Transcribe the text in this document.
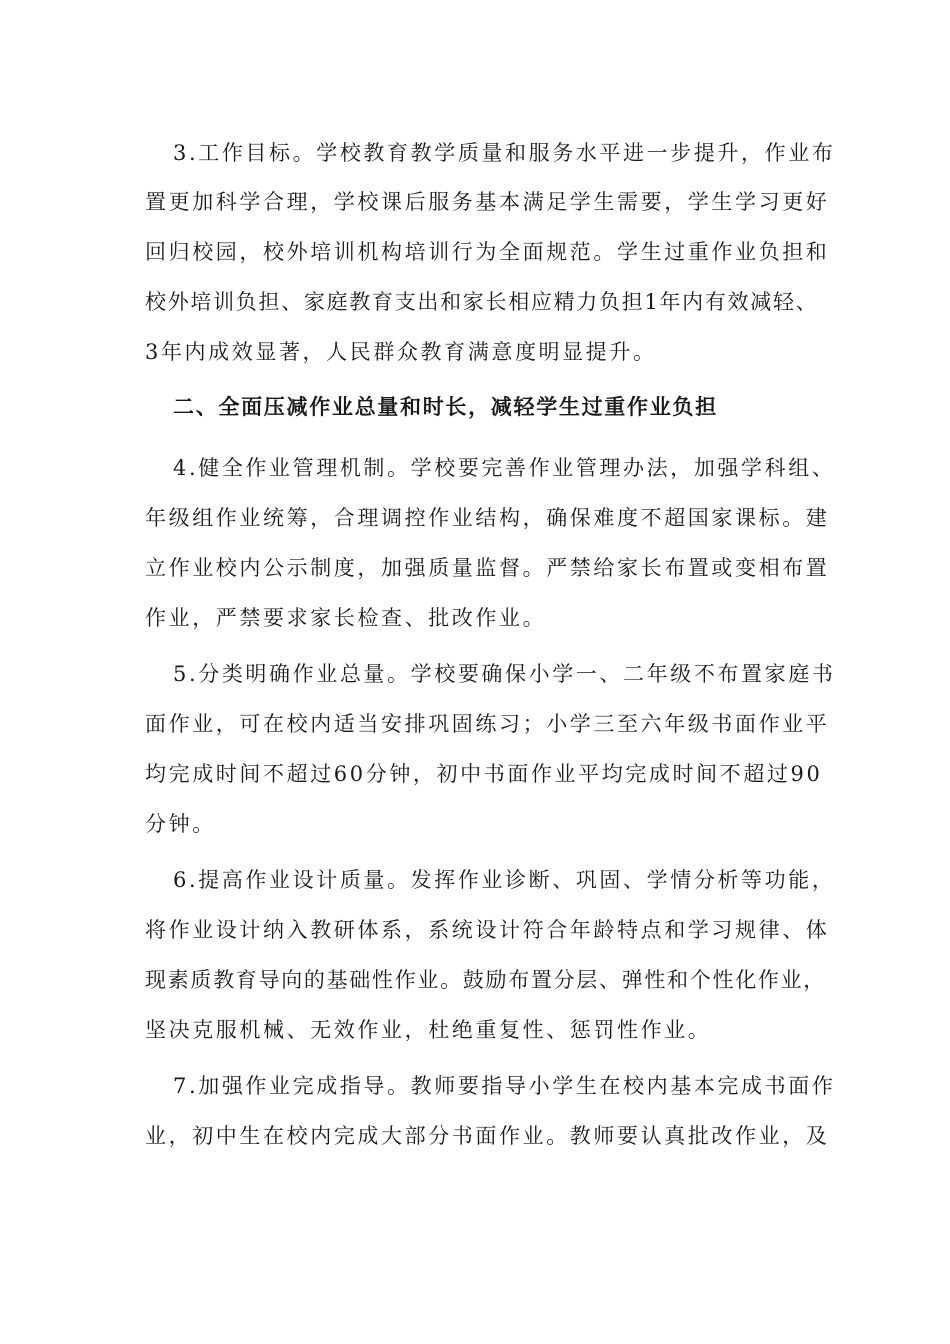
3.工作目标。学校教育教学质量和服务水平进一步提升，作业布
置更加科学合理，学校课后服务基本满足学生需要，学生学习更好
回归校园，校外培训机构培训行为全面规范。学生过重作业负担和
校外培训负担、家庭教育支出和家长相应精力负担1年内有效减轻、
3年内成效显著，人民群众教育满意度明显提升。
二、全面压减作业总量和时长，减轻学生过重作业负担
4.健全作业管理机制。学校要完善作业管理办法，加强学科组、
年级组作业统筹，合理调控作业结构，确保难度不超国家课标。建
立作业校内公示制度，加强质量监督。严禁给家长布置或变相布置
作业，严禁要求家长检查、批改作业。
5.分类明确作业总量。学校要确保小学一、二年级不布置家庭书
面作业，可在校内适当安排巩固练习；小学三至六年级书面作业平
均完成时间不超过60分钟，初中书面作业平均完成时间不超过90
分钟。
6.提高作业设计质量。发挥作业诊断、巩固、学情分析等功能，
将作业设计纳入教研体系，系统设计符合年龄特点和学习规律、体
现素质教育导向的基础性作业。鼓励布置分层、弹性和个性化作业，
坚决克服机械、无效作业，杜绝重复性、惩罚性作业。
7.加强作业完成指导。教师要指导小学生在校内基本完成书面作
业，初中生在校内完成大部分书面作业。教师要认真批改作业，及
